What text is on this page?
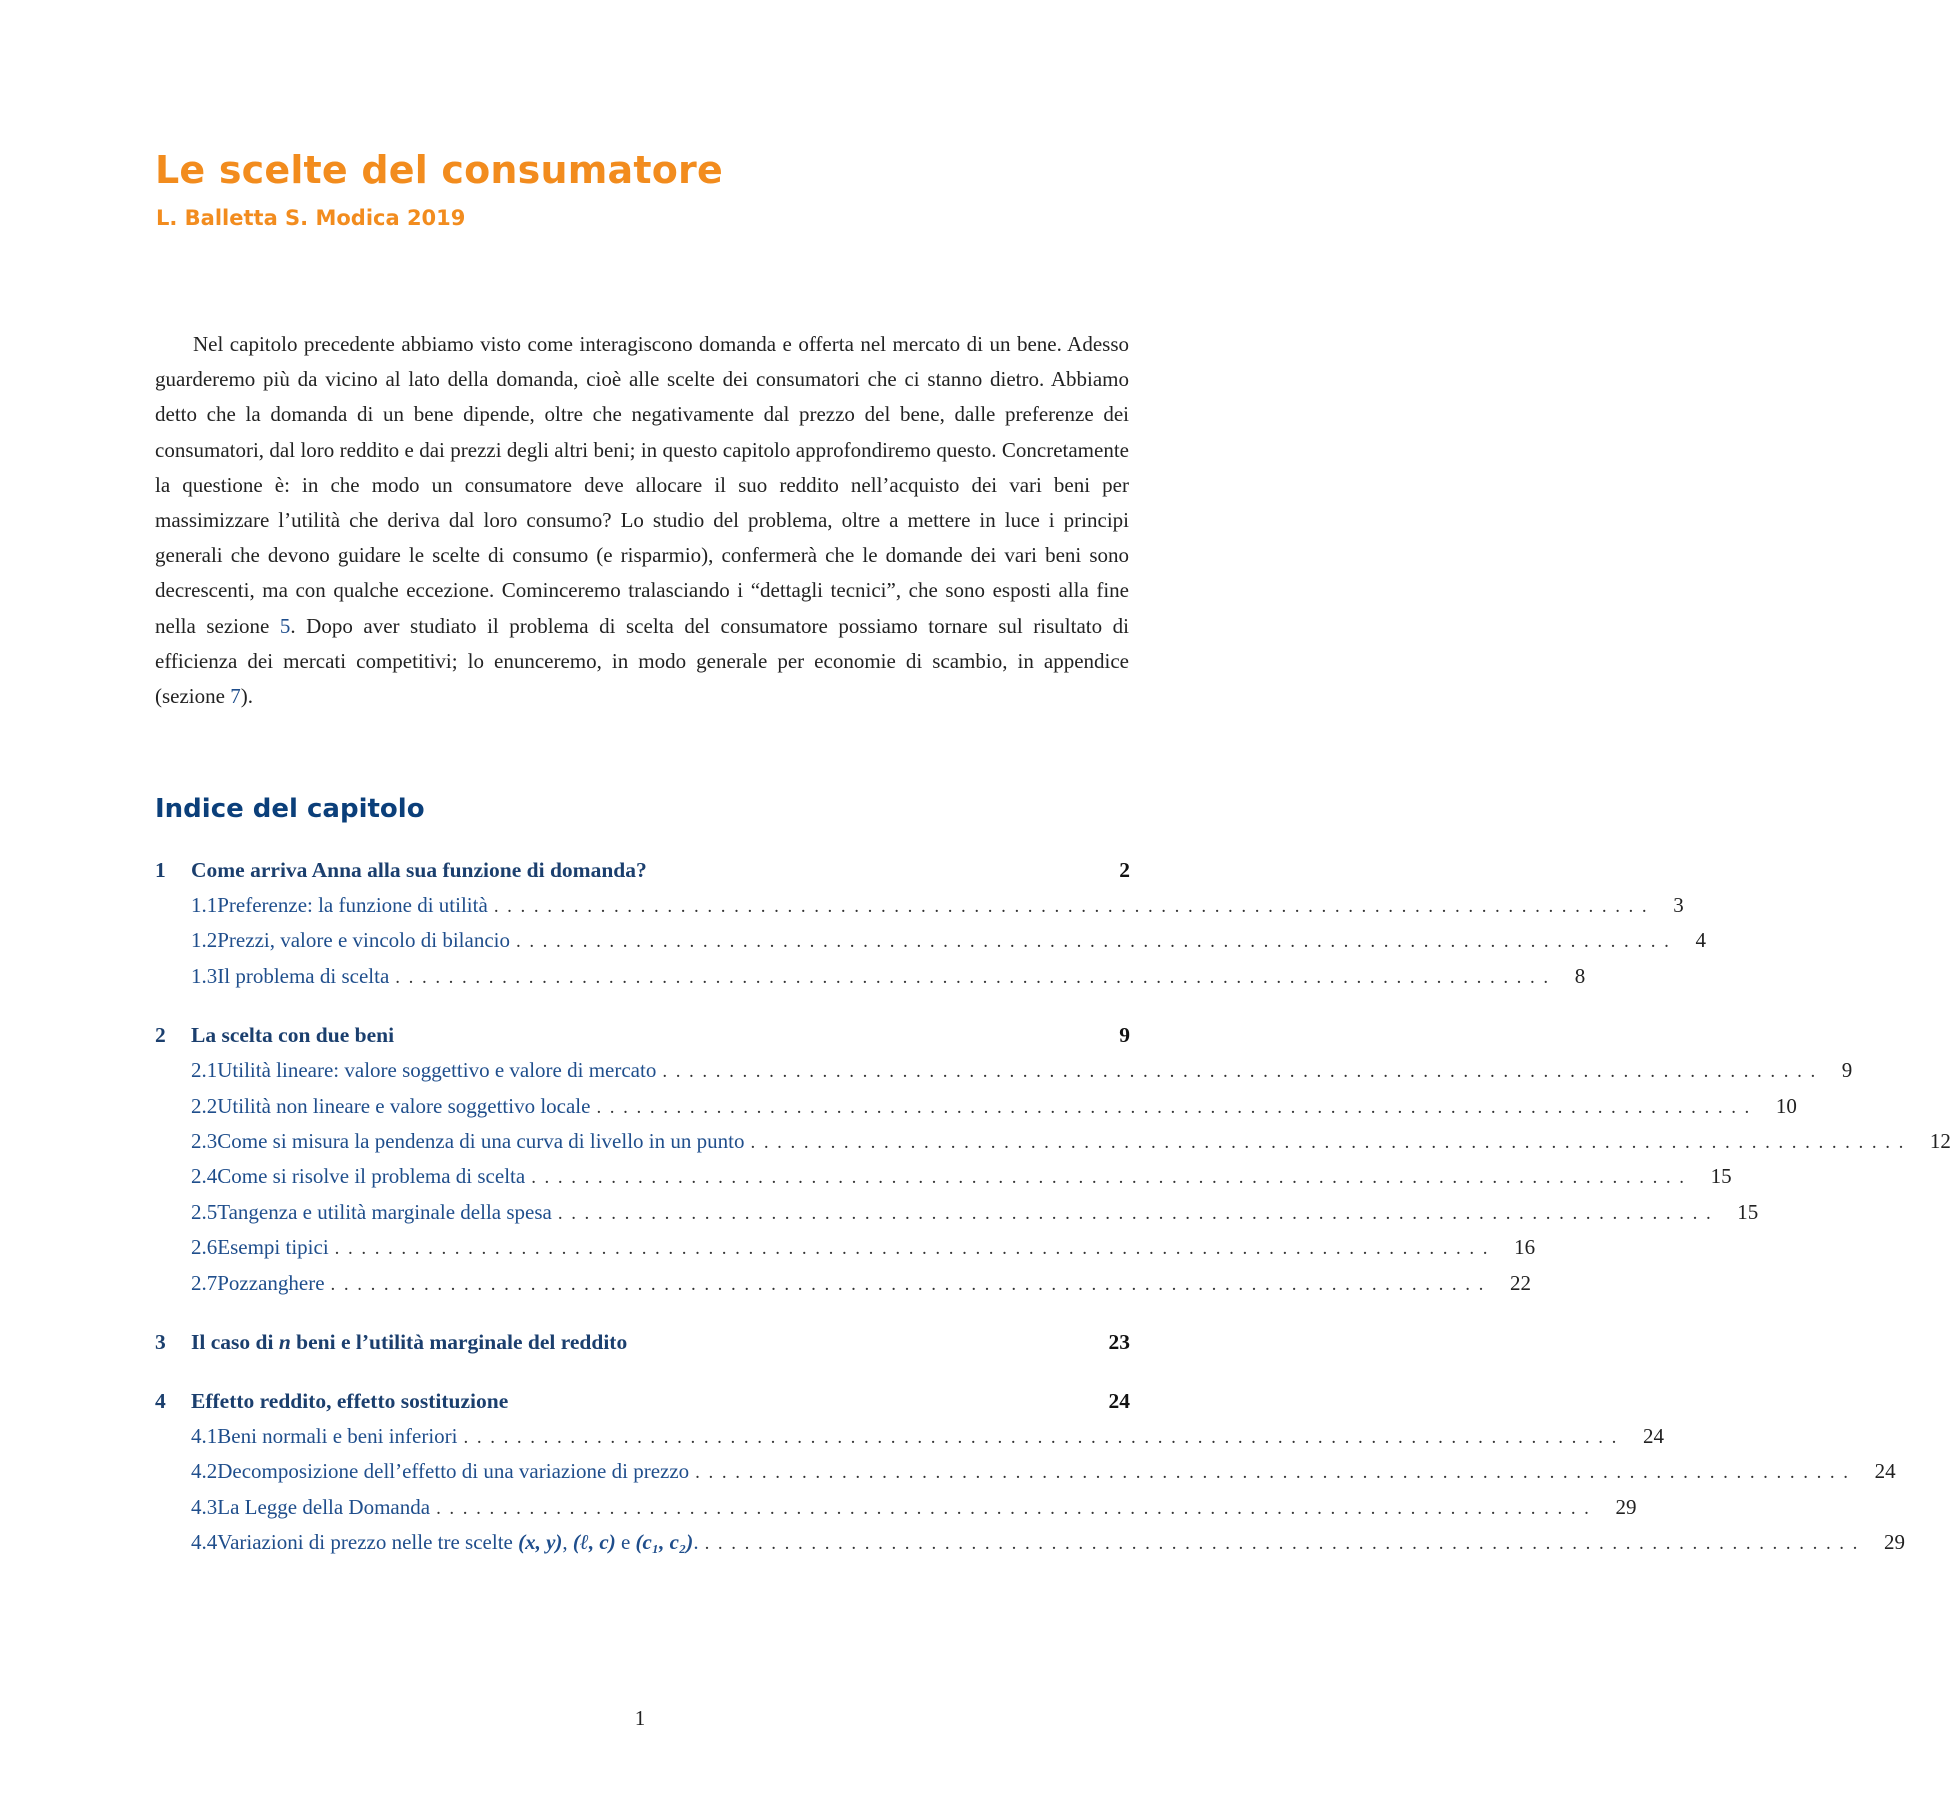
Le scelte del consumatore
L. Balletta S. Modica 2019

Nel capitolo precedente abbiamo visto come interagiscono domanda e offerta nel mercato di un bene. Adesso guarderemo più da vicino al lato della domanda, cioè alle scelte dei consumatori che ci stanno dietro. Abbiamo detto che la domanda di un bene dipende, oltre che negativamente dal prezzo del bene, dalle preferenze dei consumatori, dal loro reddito e dai prezzi degli altri beni; in questo capitolo approfondiremo questo. Concretamente la questione è: in che modo un consumatore deve allocare il suo reddito nell’acquisto dei vari beni per massimizzare l’utilità che deriva dal loro consumo? Lo studio del problema, oltre a mettere in luce i principi generali che devono guidare le scelte di consumo (e risparmio), confermerà che le domande dei vari beni sono decrescenti, ma con qualche eccezione. Cominceremo tralasciando i “dettagli tecnici”, che sono esposti alla fine nella sezione 5. Dopo aver studiato il problema di scelta del consumatore possiamo tornare sul risultato di efficienza dei mercati competitivi; lo enunceremo, in modo generale per economie di scambio, in appendice (sezione 7).

Indice del capitolo
1	Come arriva Anna alla sua funzione di domanda?	2
1.1 Preferenze: la funzione di utilità ....................................................................................... 3
1.2 Prezzi, valore e vincolo di bilancio ....................................................................................... 4
1.3 Il problema di scelta ....................................................................................... 8
2	La scelta con due beni	9
2.1 Utilità lineare: valore soggettivo e valore di mercato ....................................................................................... 9
2.2 Utilità non lineare e valore soggettivo locale ....................................................................................... 10
2.3 Come si misura la pendenza di una curva di livello in un punto ....................................................................................... 12
2.4 Come si risolve il problema di scelta ....................................................................................... 15
2.5 Tangenza e utilità marginale della spesa ....................................................................................... 15
2.6 Esempi tipici ....................................................................................... 16
2.7 Pozzanghere ....................................................................................... 22
3	Il caso di n beni e l’utilità marginale del reddito	23
4	Effetto reddito, effetto sostituzione	24
4.1 Beni normali e beni inferiori ....................................................................................... 24
4.2 Decomposizione dell’effetto di una variazione di prezzo ....................................................................................... 24
4.3 La Legge della Domanda ....................................................................................... 29
4.4 Variazioni di prezzo nelle tre scelte (x, y), (ℓ, c) e (c₁, c₂). ....................................................................................... 29
1
